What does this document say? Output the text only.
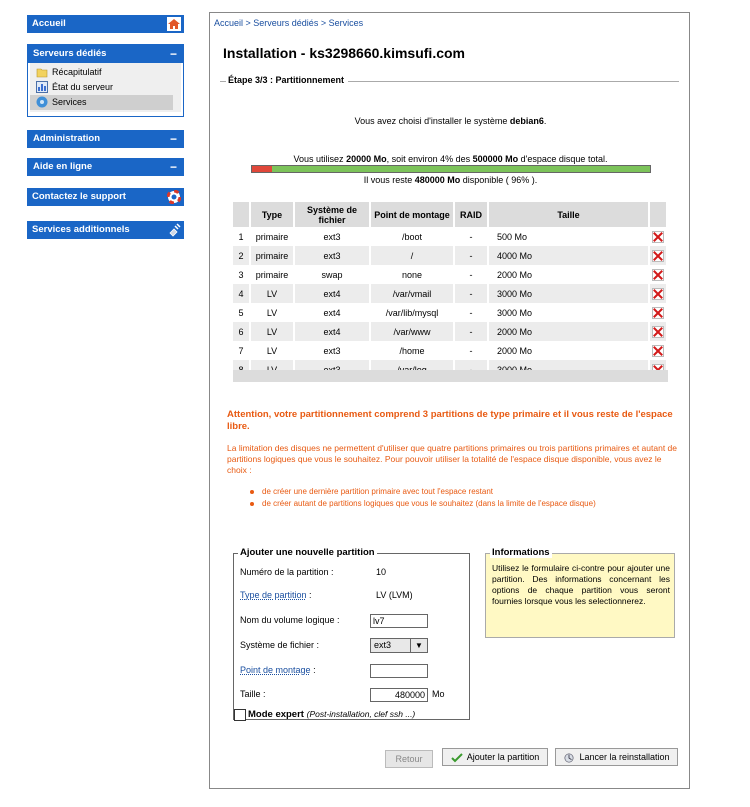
Accueil
Serveurs dédiés	−
Récapitulatif
État du serveur
Services
Administration	−
Aide en ligne	−
Contactez le support
Services additionnels
Accueil > Serveurs dédiés > Services
Installation - ks3298660.kimsufi.com
Étape 3/3 : Partitionnement
Vous avez choisi d'installer le système debian6.
Vous utilisez 20000 Mo, soit environ 4% des 500000 Mo d'espace disque total.
Il vous reste 480000 Mo disponible ( 96% ).
	Type	Système de fichier	Point de montage	RAID	Taille	
1	primaire	ext3	/boot	-	500 Mo	
2	primaire	ext3	/	-	4000 Mo	
3	primaire	swap	none	-	2000 Mo	
4	LV	ext4	/var/vmail	-	3000 Mo	
5	LV	ext4	/var/lib/mysql	-	3000 Mo	
6	LV	ext4	/var/www	-	2000 Mo	
7	LV	ext3	/home	-	2000 Mo	

Attention, votre partitionnement comprend 3 partitions de type primaire et il vous reste de l'espace libre.
La limitation des disques ne permettent d'utiliser que quatre partitions primaires ou trois partitions primaires et autant de partitions logiques que vous le souhaitez. Pour pouvoir utiliser la totalité de l'espace disque disponible, vous avez le choix :
de créer une dernière partition primaire avec tout l'espace restant
de créer autant de partitions logiques que vous le souhaitez (dans la limite de l'espace disque)
Ajouter une nouvelle partition
Numéro de la partition :	10
Type de partition :	LV (LVM)
Nom du volume logique :	lv7
Système de fichier :	ext3	▼
Point de montage :
Taille :	480000 Mo
Informations
Utilisez le formulaire ci-contre pour ajouter une partition. Des informations concernant les options de chaque partition vous seront fournies lorsque vous les selectionnerez.
Mode expert (Post-installation, clef ssh ...)
Retour	Ajouter la partition	Lancer la reinstallation
